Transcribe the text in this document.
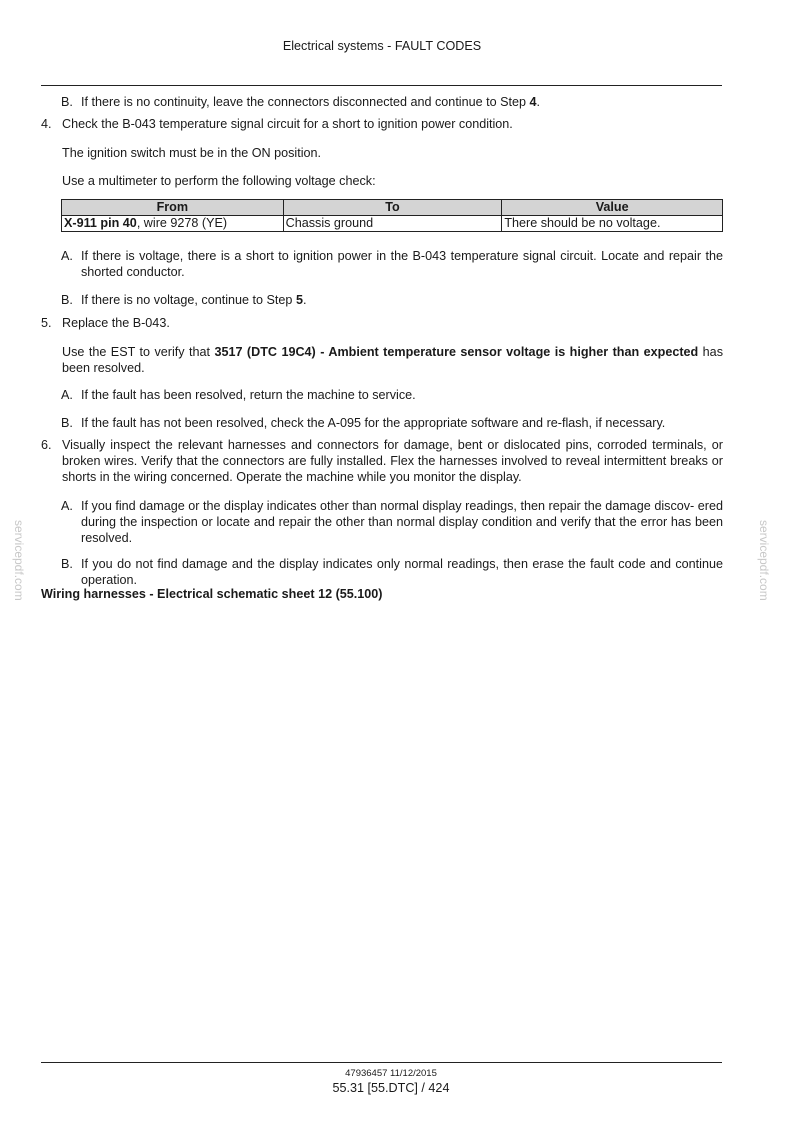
Electrical systems - FAULT CODES
B. If there is no continuity, leave the connectors disconnected and continue to Step 4.
4. Check the B-043 temperature signal circuit for a short to ignition power condition.
The ignition switch must be in the ON position.
Use a multimeter to perform the following voltage check:
From	To	Value
X-911 pin 40, wire 9278 (YE)	Chassis ground	There should be no voltage.
A. If there is voltage, there is a short to ignition power in the B-043 temperature signal circuit. Locate and repair the shorted conductor.
B. If there is no voltage, continue to Step 5.
5. Replace the B-043.
Use the EST to verify that 3517 (DTC 19C4) - Ambient temperature sensor voltage is higher than expected has been resolved.
A. If the fault has been resolved, return the machine to service.
B. If the fault has not been resolved, check the A-095 for the appropriate software and re-flash, if necessary.
6. Visually inspect the relevant harnesses and connectors for damage, bent or dislocated pins, corroded terminals, or broken wires. Verify that the connectors are fully installed. Flex the harnesses involved to reveal intermittent breaks or shorts in the wiring concerned. Operate the machine while you monitor the display.
A. If you find damage or the display indicates other than normal display readings, then repair the damage discov- ered during the inspection or locate and repair the other than normal display condition and verify that the error has been resolved.
B. If you do not find damage and the display indicates only normal readings, then erase the fault code and continue operation.
Wiring harnesses - Electrical schematic sheet 12 (55.100)
servicepdf.com	servicepdf.com
47936457 11/12/2015
55.31 [55.DTC] / 424
